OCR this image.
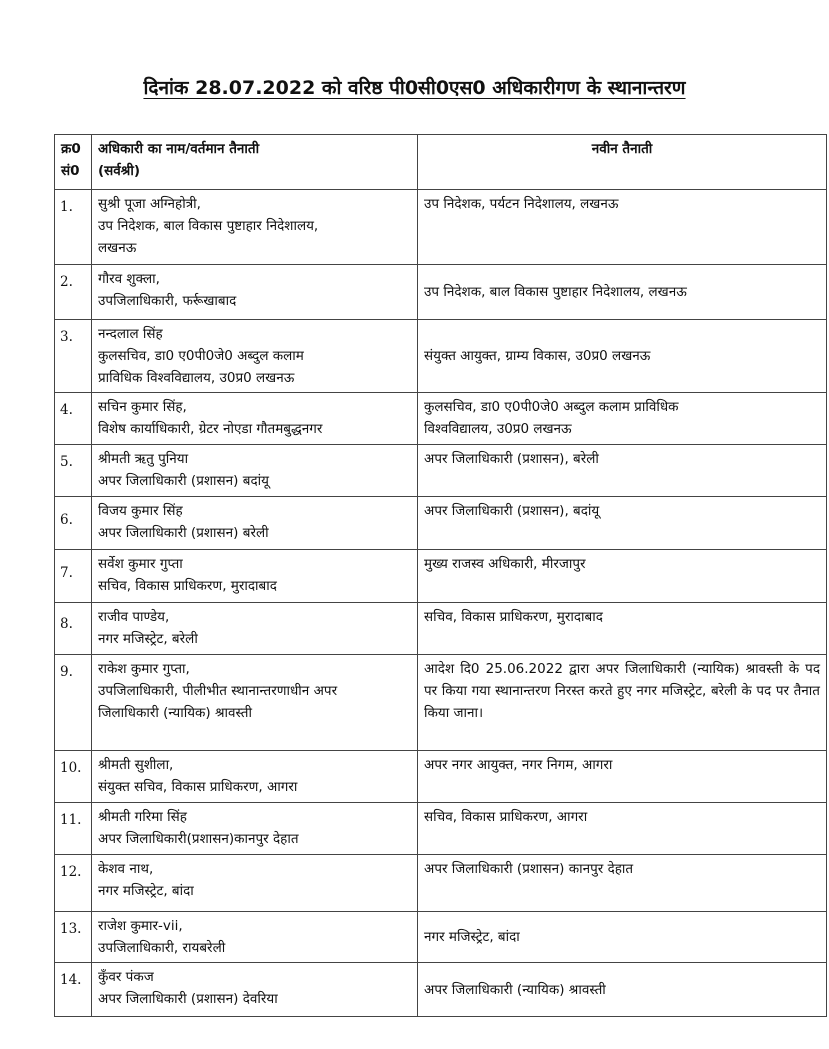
दिनांक 28.07.2022 को वरिष्ठ पी0सी0एस0 अधिकारीगण के स्थानान्तरण
क्र0
सं0	अधिकारी का नाम/वर्तमान तैनाती
(सर्वश्री)	नवीन तैनाती
1.	सुश्री पूजा अग्निहोत्री,
उप निदेशक, बाल विकास पुष्टाहार निदेशालय,
लखनऊ	उप निदेशक, पर्यटन निदेशालय, लखनऊ

2.	गौरव शुक्ला,
उपजिलाधिकारी, फर्रूखाबाद	उप निदेशक, बाल विकास पुष्टाहार निदेशालय, लखनऊ

3.	नन्दलाल सिंह
कुलसचिव, डा0 ए0पी0जे0 अब्दुल कलाम
प्राविधिक विश्वविद्यालय, उ0प्र0 लखनऊ	संयुक्त आयुक्त, ग्राम्य विकास, उ0प्र0 लखनऊ

4.	सचिन कुमार सिंह,
विशेष कार्याधिकारी, ग्रेटर नोएडा गौतमबुद्धनगर	कुलसचिव, डा0 ए0पी0जे0 अब्दुल कलाम प्राविधिक
विश्वविद्यालय, उ0प्र0 लखनऊ

5.	श्रीमती ऋतु पुनिया
अपर जिलाधिकारी (प्रशासन) बदांयू	अपर जिलाधिकारी (प्रशासन), बरेली

6.	विजय कुमार सिंह
अपर जिलाधिकारी (प्रशासन) बरेली	अपर जिलाधिकारी (प्रशासन), बदांयू

7.	सर्वेश कुमार गुप्ता
सचिव, विकास प्राधिकरण, मुरादाबाद	मुख्य राजस्व अधिकारी, मीरजापुर

8.	राजीव पाण्डेय,
नगर मजिस्ट्रेट, बरेली	सचिव, विकास प्राधिकरण, मुरादाबाद

9.	राकेश कुमार गुप्ता,
उपजिलाधिकारी, पीलीभीत स्थानान्तरणाधीन अपर
जिलाधिकारी (न्यायिक) श्रावस्ती	आदेश दि0 25.06.2022 द्वारा अपर जिलाधिकारी (न्यायिक) श्रावस्ती के पद पर किया गया स्थानान्तरण निरस्त करते हुए नगर मजिस्ट्रेट, बरेली के पद पर तैनात किया जाना।
10.	श्रीमती सुशीला,
संयुक्त सचिव, विकास प्राधिकरण, आगरा	अपर नगर आयुक्त, नगर निगम, आगरा

11.	श्रीमती गरिमा सिंह
अपर जिलाधिकारी(प्रशासन)कानपुर देहात	सचिव, विकास प्राधिकरण, आगरा

12.	केशव नाथ,
नगर मजिस्ट्रेट, बांदा	अपर जिलाधिकारी (प्रशासन) कानपुर देहात

13.	राजेश कुमार-vii,
उपजिलाधिकारी, रायबरेली	नगर मजिस्ट्रेट, बांदा

14.	कुँवर पंकज
अपर जिलाधिकारी (प्रशासन) देवरिया	अपर जिलाधिकारी (न्यायिक) श्रावस्ती
